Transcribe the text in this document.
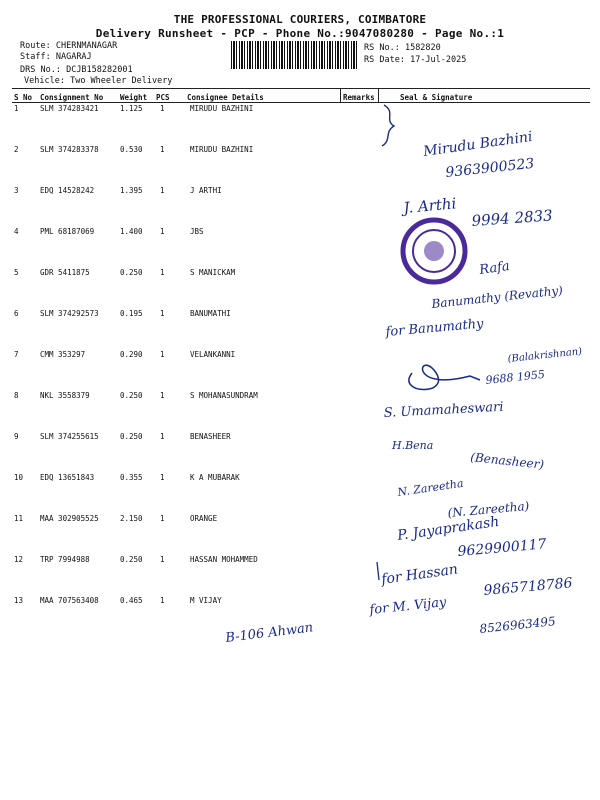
THE PROFESSIONAL COURIERS, COIMBATORE
Delivery Runsheet - PCP - Phone No.:9047080280 - Page No.:1
Route: CHERNMANAGAR
Staff: NAGARAJ
DRS No.: DCJB158282001
Vehicle: Two Wheeler Delivery
RS No.: 1582820
RS Date: 17-Jul-2025
S No Consignment No Weight PCS Consignee Details	Remarks	Seal & Signature
1	SLM 374283421	1.125 1	MIRUDU BAZHINI
2	SLM 374283378	0.530 1	MIRUDU BAZHINI
3	EDQ 14528242	1.395 1	J ARTHI
4	PML 68187069	1.400 1	JBS
5	GDR 5411875	0.250 1	S MANICKAM
6	SLM 374292573	0.195 1	BANUMATHI
7	CMM 353297	0.290 1	VELANKANNI
8	NKL 3558379	0.250 1	S MOHANASUNDRAM
9	SLM 374255615	0.250 1	BENASHEER
10 EDQ 13651843	0.355 1	K A MUBARAK
11 MAA 302905525	2.150 1	ORANGE
12 TRP 7994988	0.250 1	HASSAN MOHAMMED
13 MAA 707563408	0.465 1	M VIJAY
Mirudu Bazhini
9363900523
J. Arthi
9994 2833
Rafa
Banumathy (Revathy)
for Banumathy
(Balakrishnan)
9688 1955
S. Umamaheswari
H.Bena
(Benasheer)
N. Zareetha
(N. Zareetha)
P. Jayaprakash
9629900117
for Hassan 9865718786
for M. Vijay
8526963495
B-106 Ahwan
